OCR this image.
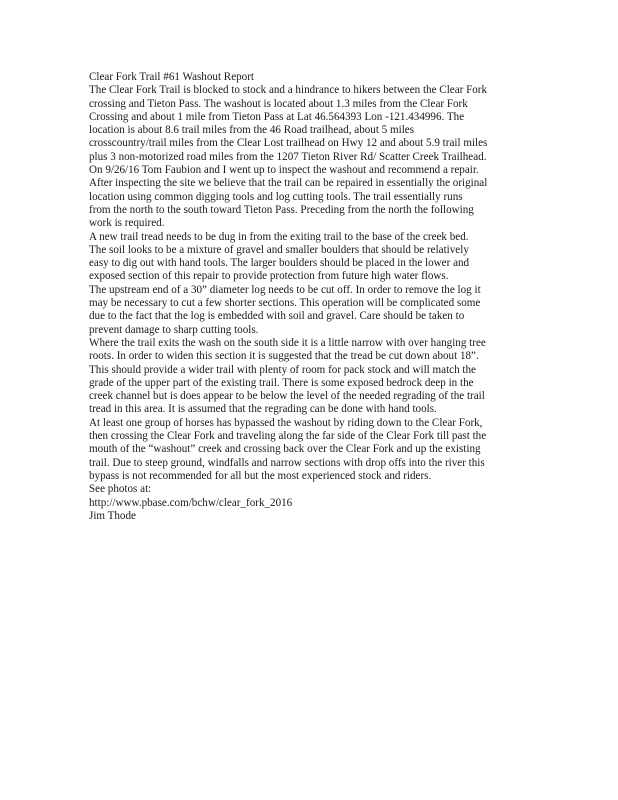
Clear Fork Trail #61 Washout Report

The Clear Fork Trail is blocked to stock and a hindrance to hikers between the Clear Fork
crossing and Tieton Pass. The washout is located about 1.3 miles from the Clear Fork
Crossing and about 1 mile from Tieton Pass at Lat 46.564393 Lon -121.434996. The
location is about 8.6 trail miles from the 46 Road trailhead, about 5 miles
crosscountry/trail miles from the Clear Lost trailhead on Hwy 12 and about 5.9 trail miles
plus 3 non-motorized road miles from the 1207 Tieton River Rd/ Scatter Creek Trailhead.
On 9/26/16 Tom Faubion and I went up to inspect the washout and recommend a repair.
After inspecting the site we believe that the trail can be repaired in essentially the original
location using common digging tools and log cutting tools. The trail essentially runs
from the north to the south toward Tieton Pass. Preceding from the north the following
work is required.
A new trail tread needs to be dug in from the exiting trail to the base of the creek bed.
The soil looks to be a mixture of gravel and smaller boulders that should be relatively
easy to dig out with hand tools. The larger boulders should be placed in the lower and
exposed section of this repair to provide protection from future high water flows.
The upstream end of a 30” diameter log needs to be cut off. In order to remove the log it
may be necessary to cut a few shorter sections. This operation will be complicated some
due to the fact that the log is embedded with soil and gravel. Care should be taken to
prevent damage to sharp cutting tools.
Where the trail exits the wash on the south side it is a little narrow with over hanging tree
roots. In order to widen this section it is suggested that the tread be cut down about 18”.
This should provide a wider trail with plenty of room for pack stock and will match the
grade of the upper part of the existing trail. There is some exposed bedrock deep in the
creek channel but is does appear to be below the level of the needed regrading of the trail
tread in this area. It is assumed that the regrading can be done with hand tools.

At least one group of horses has bypassed the washout by riding down to the Clear Fork,
then crossing the Clear Fork and traveling along the far side of the Clear Fork till past the
mouth of the “washout” creek and crossing back over the Clear Fork and up the existing
trail. Due to steep ground, windfalls and narrow sections with drop offs into the river this
bypass is not recommended for all but the most experienced stock and riders.

See photos at:
http://www.pbase.com/bchw/clear_fork_2016

Jim Thode
